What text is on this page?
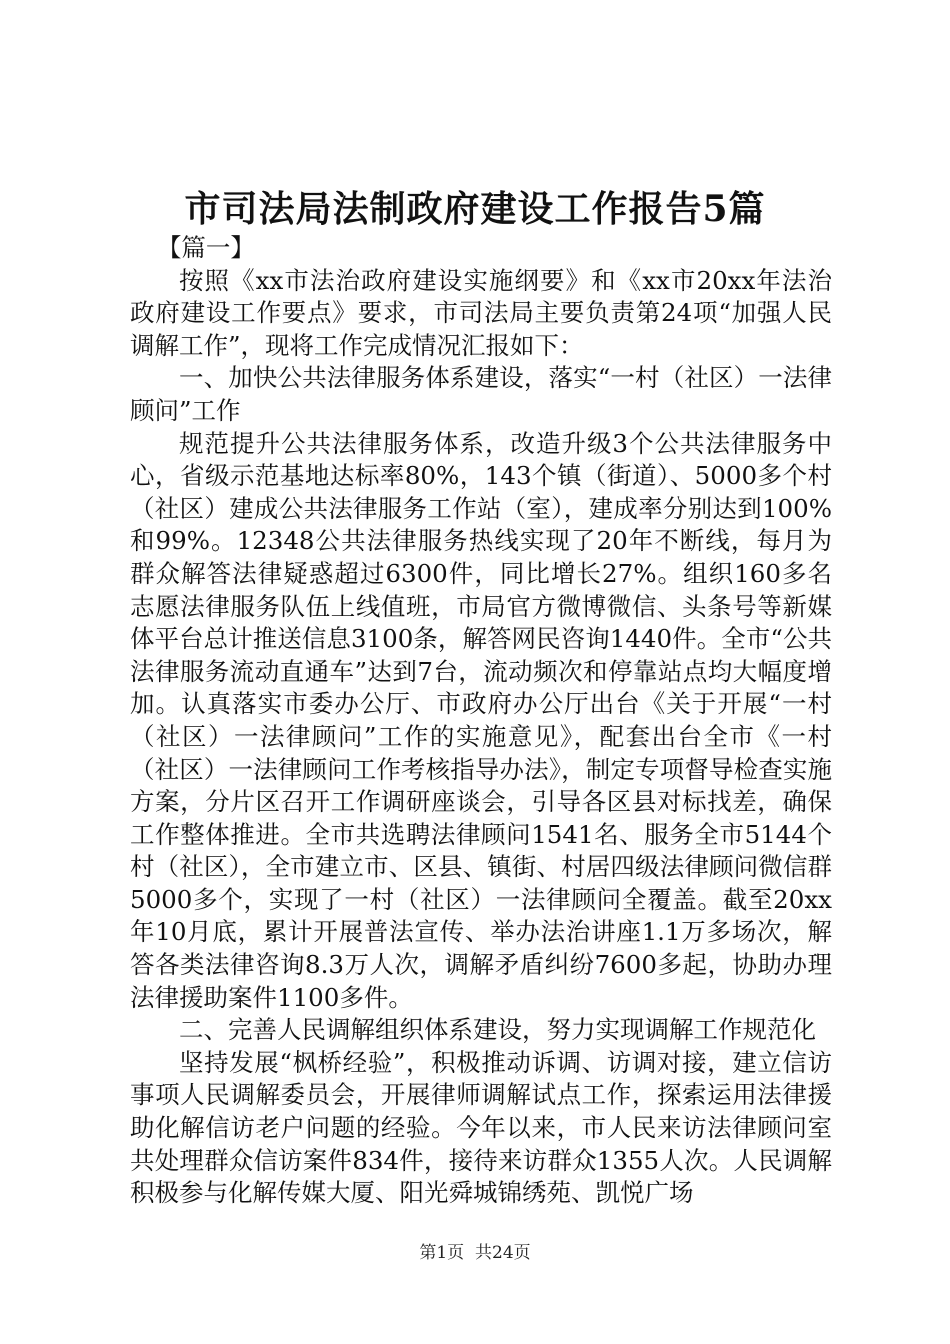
市司法局法制政府建设工作报告5篇

【篇一】

按照《xx市法治政府建设实施纲要》和《xx市20xx年法治政府建设工作要点》要求，市司法局主要负责第24项“加强人民调解工作”，现将工作完成情况汇报如下：

一、加快公共法律服务体系建设，落实“一村（社区）一法律顾问”工作

规范提升公共法律服务体系，改造升级3个公共法律服务中心，省级示范基地达标率80%，143个镇（街道）、5000多个村（社区）建成公共法律服务工作站（室），建成率分别达到100%和99%。12348公共法律服务热线实现了20年不断线，每月为群众解答法律疑惑超过6300件，同比增长27%。组织160多名志愿法律服务队伍上线值班，市局官方微博微信、头条号等新媒体平台总计推送信息3100条，解答网民咨询1440件。全市“公共法律服务流动直通车”达到7台，流动频次和停靠站点均大幅度增加。认真落实市委办公厅、市政府办公厅出台《关于开展“一村（社区）一法律顾问”工作的实施意见》，配套出台全市《一村（社区）一法律顾问工作考核指导办法》，制定专项督导检查实施方案，分片区召开工作调研座谈会，引导各区县对标找差，确保工作整体推进。全市共选聘法律顾问1541名、服务全市5144个村（社区），全市建立市、区县、镇街、村居四级法律顾问微信群5000多个，实现了一村（社区）一法律顾问全覆盖。截至20xx年10月底，累计开展普法宣传、举办法治讲座1.1万多场次，解答各类法律咨询8.3万人次，调解矛盾纠纷7600多起，协助办理法律援助案件1100多件。

二、完善人民调解组织体系建设，努力实现调解工作规范化

坚持发展“枫桥经验”，积极推动诉调、访调对接，建立信访事项人民调解委员会，开展律师调解试点工作，探索运用法律援助化解信访老户问题的经验。今年以来，市人民来访法律顾问室共处理群众信访案件834件，接待来访群众1355人次。人民调解积极参与化解传媒大厦、阳光舜城锦绣苑、凯悦广场

第1页 共24页
